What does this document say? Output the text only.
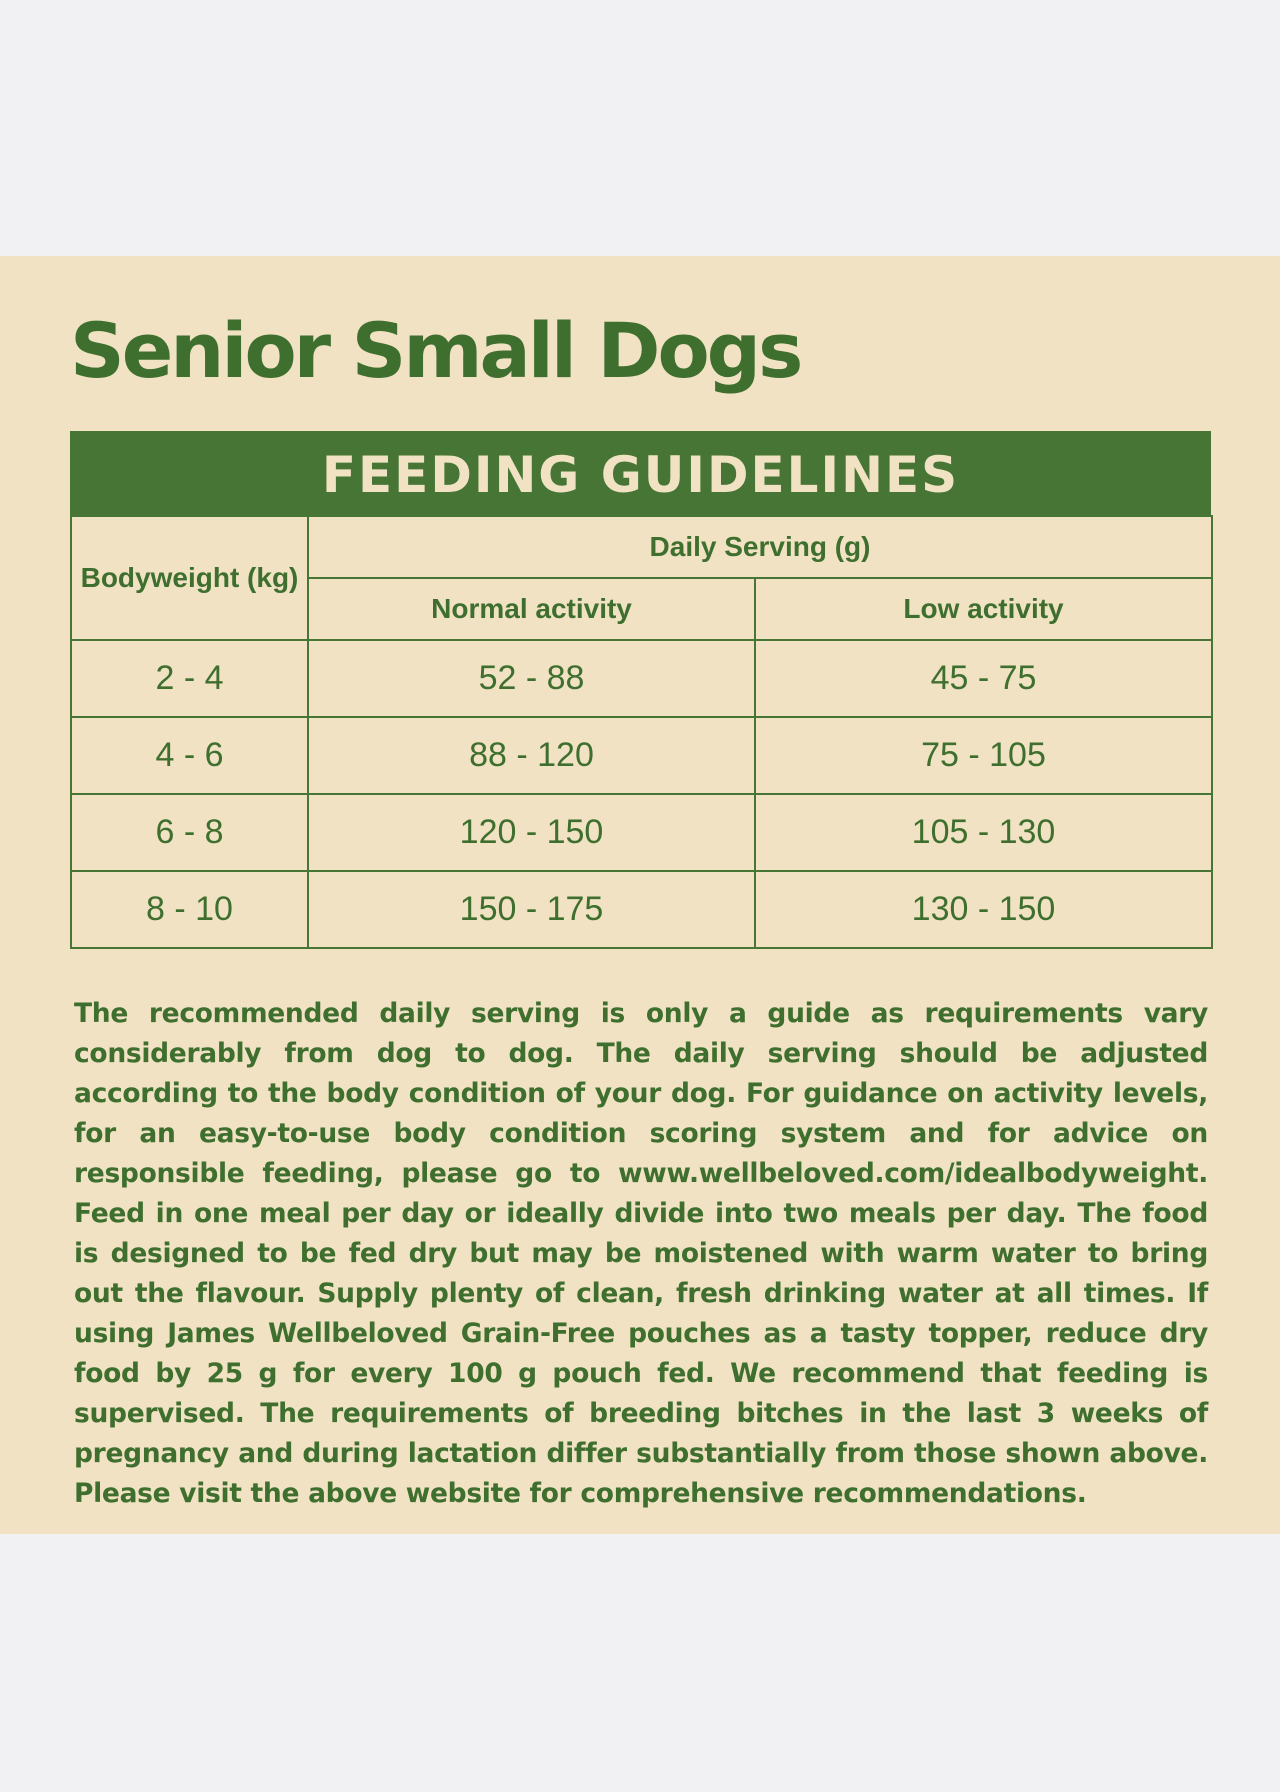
Senior Small Dogs
FEEDING GUIDELINES
Bodyweight (kg)	Daily Serving (g)	
	Normal activity	Low activity
2 - 4	52 - 88	45 - 75
4 - 6	88 - 120	75 - 105
6 - 8	120 - 150	105 - 130
8 - 10	150 - 175	130 - 150

The recommended daily serving is only a guide as requirements vary considerably from dog to dog. The daily serving should be adjusted according to the body condition of your dog. For guidance on activity levels, for an easy-to-use body condition scoring system and for advice on responsible feeding, please go to www.wellbeloved.com/idealbodyweight. Feed in one meal per day or ideally divide into two meals per day. The food is designed to be fed dry but may be moistened with warm water to bring out the flavour. Supply plenty of clean, fresh drinking water at all times. If using James Wellbeloved Grain-Free pouches as a tasty topper, reduce dry food by 25 g for every 100 g pouch fed. We recommend that feeding is supervised. The requirements of breeding bitches in the last 3 weeks of pregnancy and during lactation differ substantially from those shown above. Please visit the above website for comprehensive recommendations.
